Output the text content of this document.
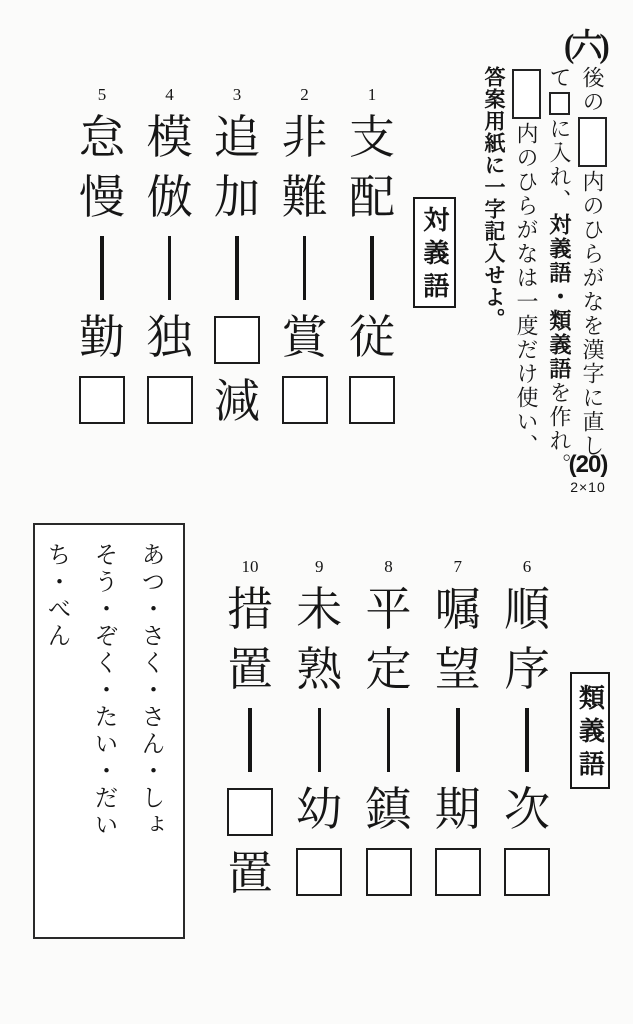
(六)

後の内のひらがなを漢字に直し

てに入れ、対義語・類義語を作れ。

内のひらがなは一度だけ使い、

答案用紙に一字記入せよ。

対義語
1
支
配
従
2
非
難
賞
3
追
加
減
4
模
倣
独
5
怠
慢
勤
(20)
2×10
類義語
6
順
序
次
7
嘱
望
期
8
平
定
鎮
9
未
熟
幼
10
措
置
置

あつ・さく・さん・しょ

そう・ぞく・たい・だい

ち・べん
